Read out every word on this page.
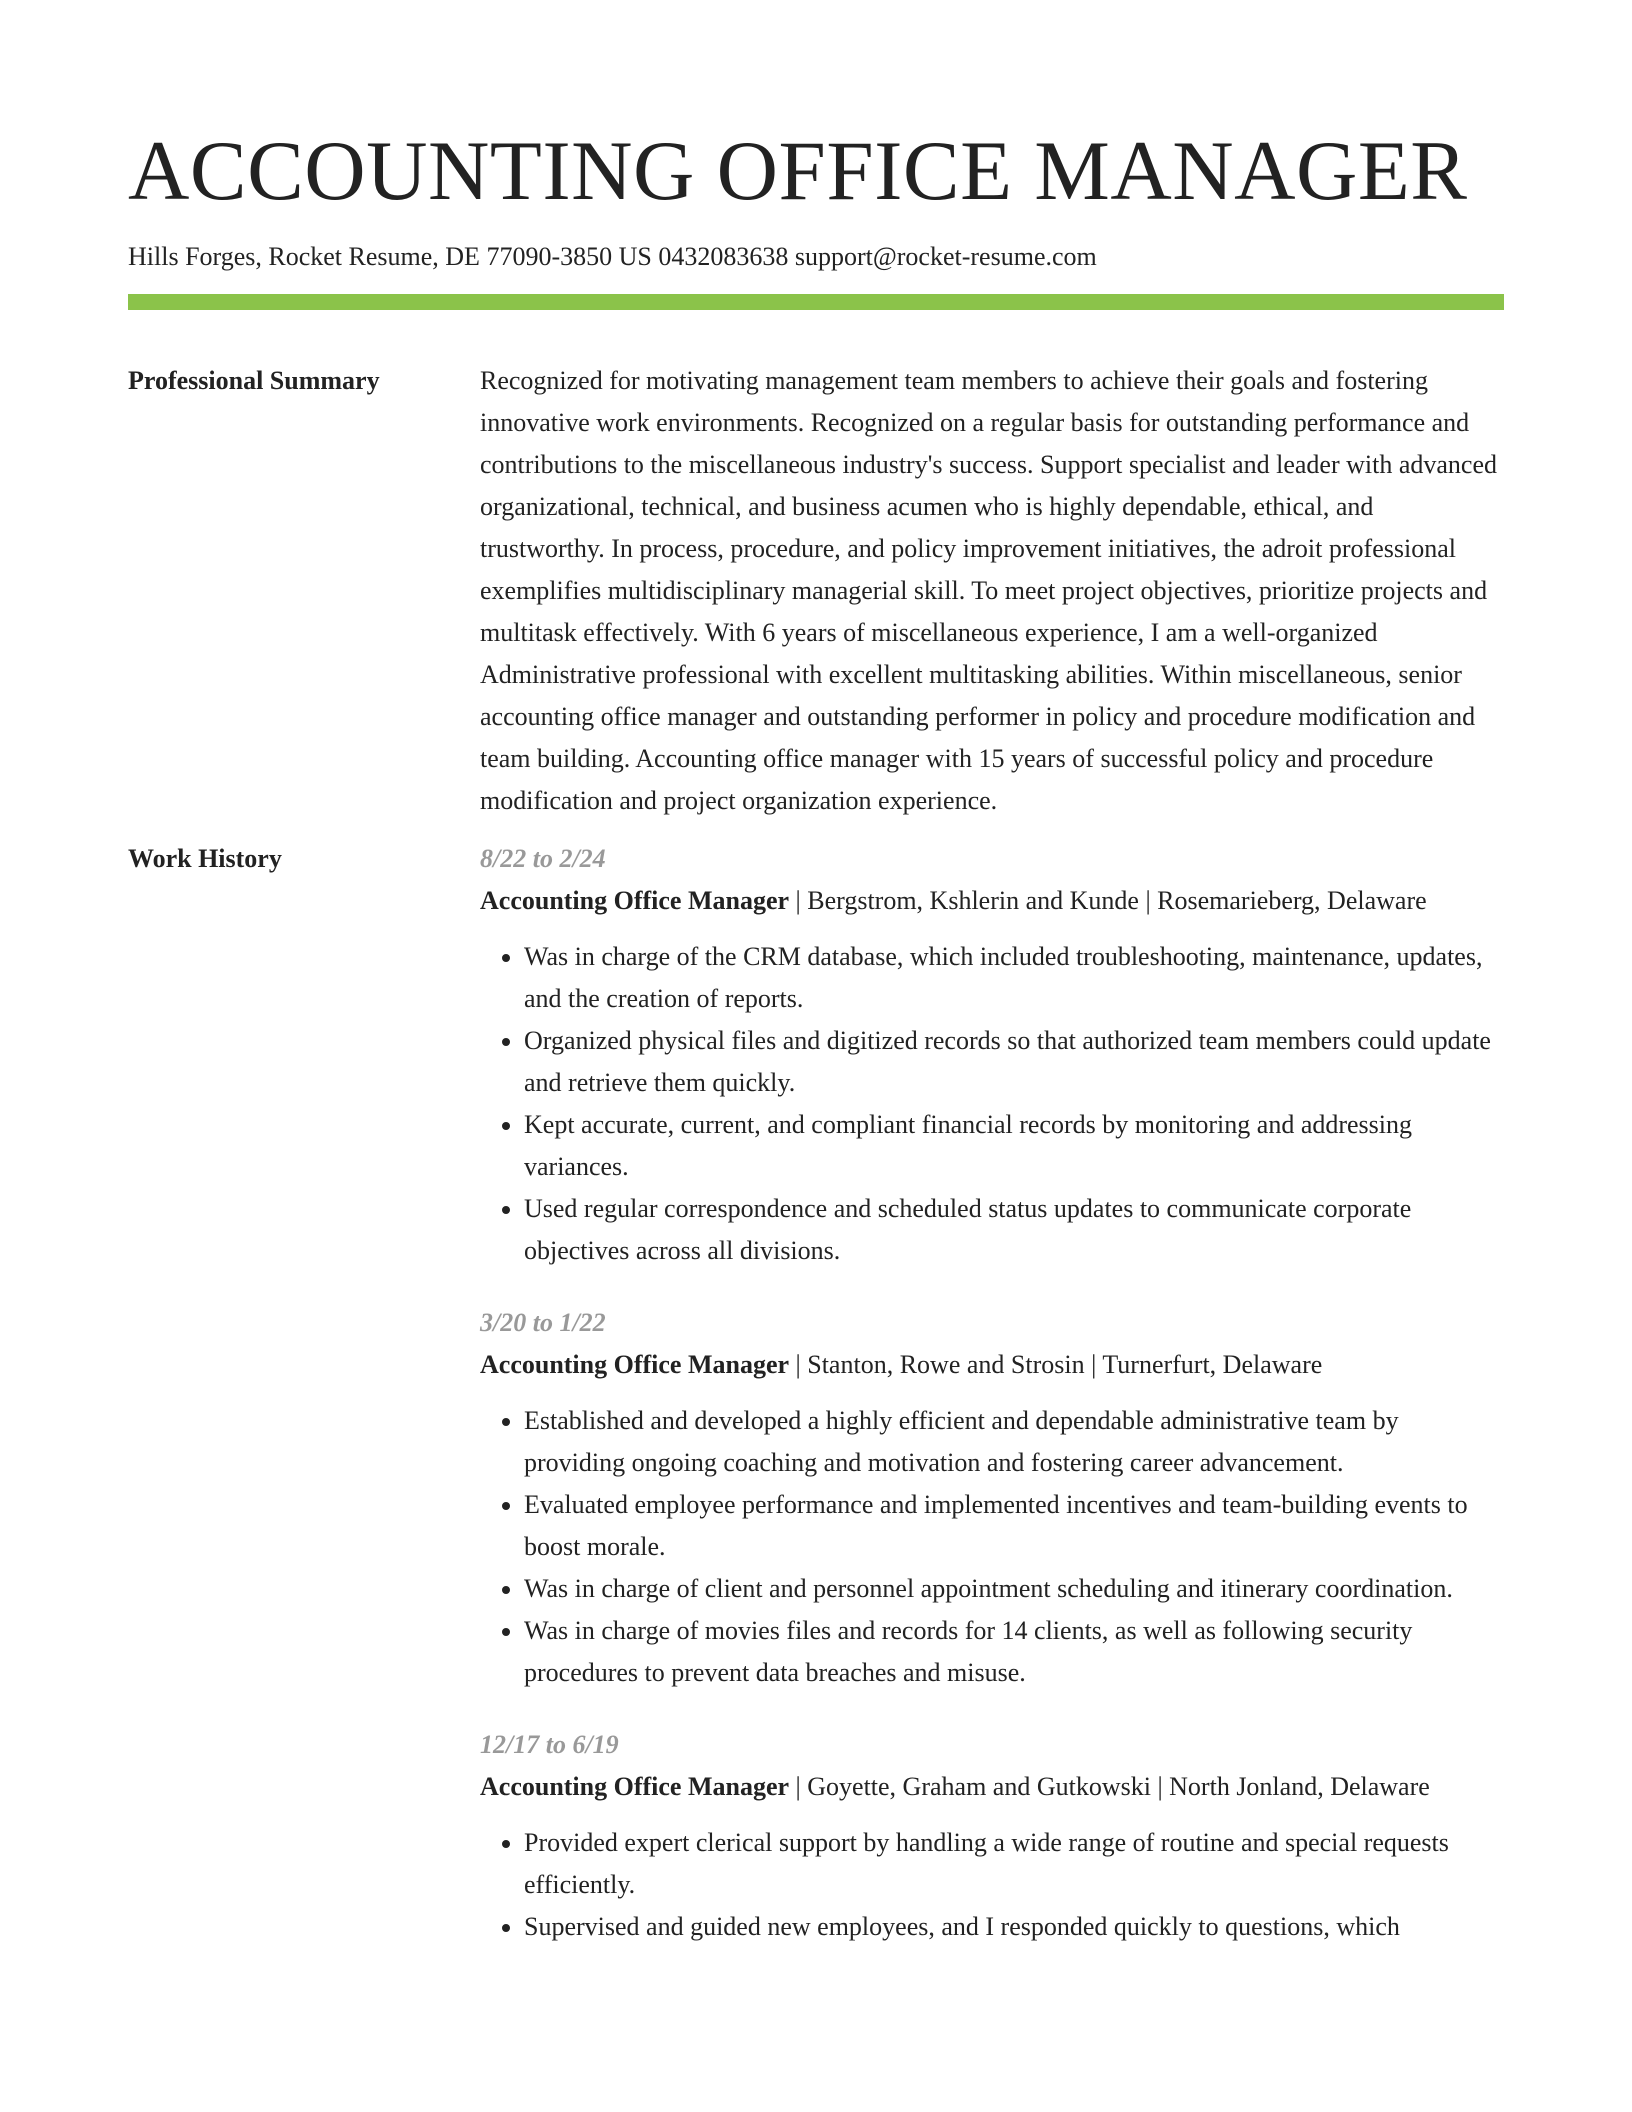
ACCOUNTING OFFICE MANAGER
Hills Forges, Rocket Resume, DE 77090-3850 US 0432083638 support@rocket-resume.com
Professional Summary	Recognized for motivating management team members to achieve their goals and fostering innovative work environments. Recognized on a regular basis for outstanding performance and contributions to the miscellaneous industry's success. Support specialist and leader with advanced organizational, technical, and business acumen who is highly dependable, ethical, and trustworthy. In process, procedure, and policy improvement initiatives, the adroit professional exemplifies multidisciplinary managerial skill. To meet project objectives, prioritize projects and multitask effectively. With 6 years of miscellaneous experience, I am a well-organized Administrative professional with excellent multitasking abilities. Within miscellaneous, senior accounting office manager and outstanding performer in policy and procedure modification and team building. Accounting office manager with 15 years of successful policy and procedure modification and project organization experience.

Work History	8/22 to 2/24
Accounting Office Manager | Bergstrom, Kshlerin and Kunde | Rosemarieberg, Delaware
• Was in charge of the CRM database, which included troubleshooting, maintenance, updates, and the creation of reports.
• Organized physical files and digitized records so that authorized team members could update and retrieve them quickly.
• Kept accurate, current, and compliant financial records by monitoring and addressing variances.
• Used regular correspondence and scheduled status updates to communicate corporate objectives across all divisions.
3/20 to 1/22
Accounting Office Manager | Stanton, Rowe and Strosin | Turnerfurt, Delaware
• Established and developed a highly efficient and dependable administrative team by providing ongoing coaching and motivation and fostering career advancement.
• Evaluated employee performance and implemented incentives and team-building events to boost morale.
• Was in charge of client and personnel appointment scheduling and itinerary coordination.
• Was in charge of movies files and records for 14 clients, as well as following security procedures to prevent data breaches and misuse.
12/17 to 6/19
Accounting Office Manager | Goyette, Graham and Gutkowski | North Jonland, Delaware
• Provided expert clerical support by handling a wide range of routine and special requests efficiently.
• Supervised and guided new employees, and I responded quickly to questions, which
